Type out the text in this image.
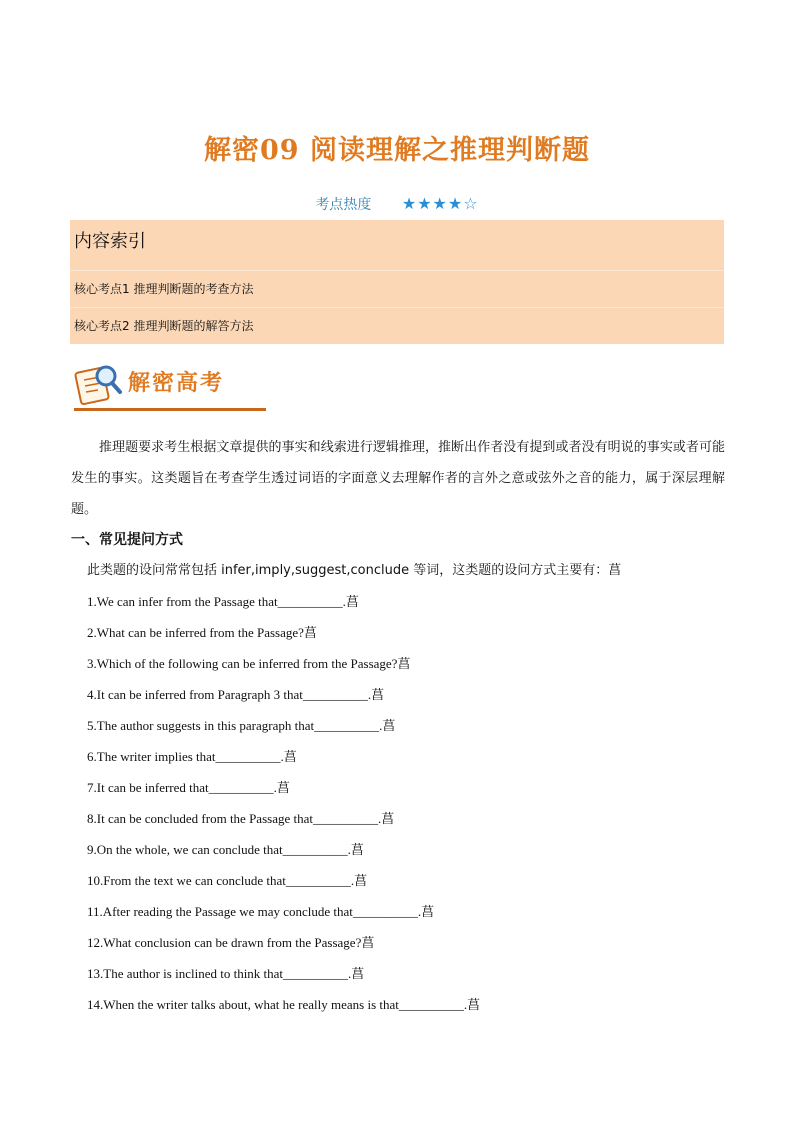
解密09 阅读理解之推理判断题
考点热度 ★★★★☆
内容索引
核心考点1 推理判断题的考查方法
核心考点2 推理判断题的解答方法
解密高考

推理题要求考生根据文章提供的事实和线索进行逻辑推理，推断出作者没有提到或者没有明说的事实或者可能发生的事实。这类题旨在考查学生透过词语的字面意义去理解作者的言外之意或弦外之音的能力，属于深层理解题。

一、常见提问方式

此类题的设问常常包括 infer,imply,suggest,conclude 等词，这类题的设问方式主要有：菖

1.We can infer from the Passage that__________.菖
2.What can be inferred from the Passage?菖
3.Which of the following can be inferred from the Passage?菖
4.It can be inferred from Paragraph 3 that__________.菖
5.The author suggests in this paragraph that__________.菖
6.The writer implies that__________.菖
7.It can be inferred that__________.菖
8.It can be concluded from the Passage that__________.菖
9.On the whole, we can conclude that__________.菖
10.From the text we can conclude that__________.菖
11.After reading the Passage we may conclude that__________.菖
12.What conclusion can be drawn from the Passage?菖
13.The author is inclined to think that__________.菖
14.When the writer talks about, what he really means is that__________.菖
